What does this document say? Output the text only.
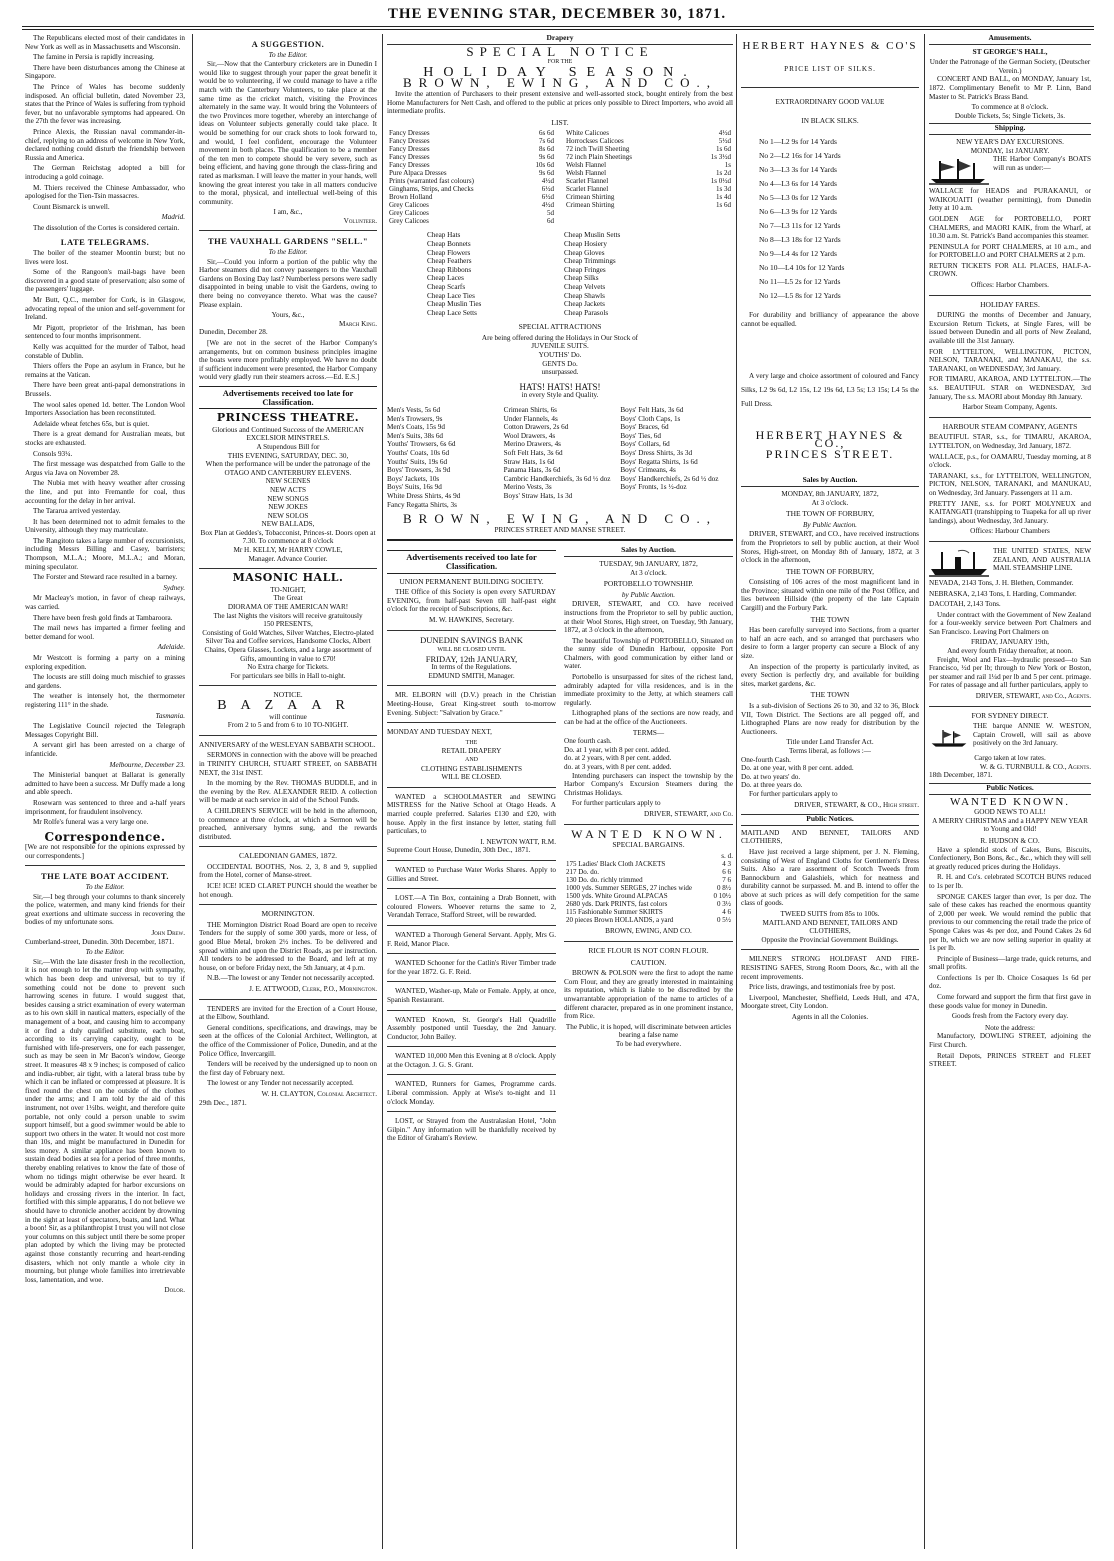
THE EVENING STAR, DECEMBER 30, 1871.

The Republicans elected most of their candidates in New York as well as in Massachusetts and Wisconsin.

The famine in Persia is rapidly increasing.

There have been disturbances among the Chinese at Singapore.

The Prince of Wales has become suddenly indisposed. An official bulletin, dated November 23, states that the Prince of Wales is suffering from typhoid fever, but no unfavorable symptoms had appeared. On the 27th the fever was increasing.

Prince Alexis, the Russian naval commander-in-chief, replying to an address of welcome in New York, declared nothing could disturb the friendship between Russia and America.

The German Reichstag adopted a bill for introducing a gold coinage.

M. Thiers received the Chinese Ambassador, who apologised for the Tien-Tsin massacres.

Count Bismarck is unwell.

Madrid.

The dissolution of the Cortes is considered certain.

LATE TELEGRAMS.

The boiler of the steamer Moontin burst; but no lives were lost.

Some of the Rangoon's mail-bags have been discovered in a good state of preservation; also some of the passengers' luggage.

Mr Butt, Q.C., member for Cork, is in Glasgow, advocating repeal of the union and self-government for Ireland.

Mr Pigott, proprietor of the Irishman, has been sentenced to four months imprisonment.

Kelly was acquitted for the murder of Talbot, head constable of Dublin.

Thiers offers the Pope an asylum in France, but he remains at the Vatican.

There have been great anti-papal demonstrations in Brussels.

The wool sales opened 1d. better. The London Wool Importers Association has been reconstituted.

Adelaide wheat fetches 65s, but is quiet.

There is a great demand for Australian meats, but stocks are exhausted.

Consols 93¼.

The first message was despatched from Galle to the Argus via Java on November 28.

The Nubia met with heavy weather after crossing the line, and put into Fremantle for coal, thus accounting for the delay in her arrival.

The Tararua arrived yesterday.

It has been determined not to admit females to the University, although they may matriculate.

The Rangitoto takes a large number of excursionists, including Messrs Billing and Casey, barristers; Thompson, M.L.A.; Moore, M.L.A.; and Moran, mining speculator.

The Forster and Steward race resulted in a barney.

Sydney.

Mr Macleay's motion, in favor of cheap railways, was carried.

There have been fresh gold finds at Tambaroora.

The mail news has imparted a firmer feeling and better demand for wool.

Adelaide.

Mr Westcott is forming a party on a mining exploring expedition.

The locusts are still doing much mischief to grasses and gardens.

The weather is intensely hot, the thermometer registering 111° in the shade.

Tasmania.

The Legislative Council rejected the Telegraph Messages Copyright Bill.

A servant girl has been arrested on a charge of infanticide.

Melbourne, December 23.

The Ministerial banquet at Ballarat is generally admitted to have been a success. Mr Duffy made a long and able speech.

Rosewarn was sentenced to three and a-half years imprisonment, for fraudulent insolvency.

Mr Rolfe's funeral was a very large one.

Correspondence.

[We are not responsible for the opinions expressed by our correspondents.]

THE LATE BOAT ACCIDENT.
To the Editor.

Sir,—I beg through your columns to thank sincerely the police, watermen, and many kind friends for their great exertions and ultimate success in recovering the bodies of my unfortunate sons.

John Drew.

Cumberland-street, Dunedin. 30th December, 1871.

To the Editor.

Sir,—With the late disaster fresh in the recollection, it is not enough to let the matter drop with sympathy, which has been deep and universal, but to try if something could not be done to prevent such harrowing scenes in future. I would suggest that, besides causing a strict examination of every waterman as to his own skill in nautical matters, especially of the management of a boat, and causing him to accompany it or find a duly qualified substitute, each boat, according to its carrying capacity, ought to be furnished with life-preservers, one for each passenger, such as may be seen in Mr Bacon's window, George street. It measures 48 x 9 inches; is composed of calico and india-rubber, air tight, with a lateral brass tube by which it can be inflated or compressed at pleasure. It is fixed round the chest on the outside of the clothes under the arms; and I am told by the aid of this instrument, not over 1½lbs. weight, and therefore quite portable, not only could a person unable to swim support himself, but a good swimmer would be able to support two others in the water. It would not cost more than 10s, and might be manufactured in Dunedin for less money. A similar appliance has been known to sustain dead bodies at sea for a period of three months, thereby enabling relatives to know the fate of those of whom no tidings might otherwise be ever heard. It would be admirably adapted for harbor excursions on holidays and crossing rivers in the interior. In fact, fortified with this simple apparatus, I do not believe we should have to chronicle another accident by drowning in the sight at least of spectators, boats, and land. What a boon! Sir, as a philanthropist I trust you will not close your columns on this subject until there be some proper plan adopted by which the living may be protected against those constantly recurring and heart-rending disasters, which not only mantle a whole city in mourning, but plunge whole families into irretrievable loss, lamentation, and woe.

Dolor.
A SUGGESTION.
To the Editor.

Sir,—Now that the Canterbury cricketers are in Dunedin I would like to suggest through your paper the great benefit it would be to volunteering, if we could manage to have a rifle match with the Canterbury Volunteers, to take place at the same time as the cricket match, visiting the Provinces alternately in the same way. It would bring the Volunteers of the two Provinces more together, whereby an interchange of ideas on Volunteer subjects generally could take place. It would be something for our crack shots to look forward to, and would, I feel confident, encourage the Volunteer movement in both places. The qualification to be a member of the ten men to compete should be very severe, such as being efficient, and having gone through the class-firing and rated as marksman. I will leave the matter in your hands, well knowing the great interest you take in all matters conducive to the moral, physical, and intellectual well-being of this community.

I am, &c.,
Volunteer.
THE VAUXHALL GARDENS "SELL."
To the Editor.

Sir,—Could you inform a portion of the public why the Harbor steamers did not convey passengers to the Vauxhall Gardens on Boxing Day last? Numberless persons were sadly disappointed in being unable to visit the Gardens, owing to there being no conveyance thereto. What was the cause? Please explain.

Yours, &c.,
March King.

Dunedin, December 28.

[We are not in the secret of the Harbor Company's arrangements, but on common business principles imagine the boats were more profitably employed. We have no doubt if sufficient inducement were presented, the Harbor Company would very gladly run their steamers across.—Ed. E.S.]

Advertisements received too late for Classification.
PRINCESS THEATRE.
Glorious and Continued Success of the AMERICAN EXCELSIOR MINSTRELS.
A Stupendous Bill for
THIS EVENING, SATURDAY, DEC. 30,
When the performance will be under the patronage of the
OTAGO AND CANTERBURY ELEVENS.
NEW SCENES
NEW ACTS
NEW SONGS
NEW JOKES
NEW SOLOS
NEW BALLADS,
Box Plan at Geddes's, Tobacconist, Princes-st. Doors open at 7.30. To commence at 8 o'clock
Mr H. KELLY, Mr HARRY COWLE,
Manager. Advance Courier.
MASONIC HALL.
TO-NIGHT,
The Great
DIORAMA OF THE AMERICAN WAR!
The last Nights the visitors will receive gratuitously
150 PRESENTS,
Consisting of Gold Watches, Silver Watches, Electro-plated Silver Tea and Coffee services, Handsome Clocks, Albert Chains, Opera Glasses, Lockets, and a large assortment of Gifts, amounting in value to £70!
No Extra charge for Tickets.
For particulars see bills in Hall to-night.
NOTICE.
BAZAAR
will continue
From 2 to 5 and from 6 to 10 TO-NIGHT.

ANNIVERSARY of the WESLEYAN SABBATH SCHOOL.

SERMONS in connection with the above will be preached in TRINITY CHURCH, STUART STREET, on SABBATH NEXT, the 31st INST.

In the morning by the Rev. THOMAS BUDDLE, and in the evening by the Rev. ALEXANDER REID. A collection will be made at each service in aid of the School Funds.

A CHILDREN'S SERVICE will be held in the afternoon, to commence at three o'clock, at which a Sermon will be preached, anniversary hymns sung, and the rewards distributed.

CALEDONIAN GAMES, 1872.

OCCIDENTAL BOOTHS, Nos. 2, 3, 8 and 9, supplied from the Hotel, corner of Manse-street.

ICE! ICE! ICED CLARET PUNCH should the weather be hot enough.

MORNINGTON.

THE Mornington District Road Board are open to receive Tenders for the supply of some 300 yards, more or less, of good Blue Metal, broken 2½ inches. To be delivered and spread within and upon the District Roads, as per instruction. All tenders to be addressed to the Board, and left at my house, on or before Friday next, the 5th January, at 4 p.m.

N.B.—The lowest or any Tender not necessarily accepted.

J. E. ATTWOOD, Clerk, P.O., Mornington.

TENDERS are invited for the Erection of a Court House, at the Elbow, Southland.

General conditions, specifications, and drawings, may be seen at the offices of the Colonial Architect, Wellington, at the office of the Commissioner of Police, Dunedin, and at the Police Office, Invercargill.

Tenders will be received by the undersigned up to noon on the first day of February next.

The lowest or any Tender not necessarily accepted.

W. H. CLAYTON, Colonial Architect.

29th Dec., 1871.

Drapery
SPECIAL NOTICE
FOR THE
HOLIDAY SEASON.
BROWN, EWING, AND CO.,

Invite the attention of Purchasers to their present extensive and well-assorted stock, bought entirely from the best Home Manufacturers for Nett Cash, and offered to the public at prices only possible to Direct Importers, who avoid all intermediate profits.

LIST.
Fancy Dresses	6s 6d
Fancy Dresses	7s 6d
Fancy Dresses	8s 6d
Fancy Dresses	9s 6d
Fancy Dresses	10s 6d
Pure Alpaca Dresses	9s 6d
Prints (warranted fast colours)	4½d
Ginghams, Strips, and Checks	6½d
Brown Holland	6½d
Grey Calicoes	4½d
Grey Calicoes	5d
Grey Calicoes	6d
White Calicoes	4½d
Horrockses Calicoes	5½d
72 inch Twill Sheeting	1s 6d
72 inch Plain Sheetings	1s 3½d
Welsh Flannel	1s
Welsh Flannel	1s 2d
Scarlet Flannel	1s 0½d
Scarlet Flannel	1s 3d

Crimean Shirting	1s 4d
Crimean Shirting	1s 6d

Cheap Hats
Cheap Bonnets
Cheap Flowers
Cheap Feathers
Cheap Ribbons
Cheap Laces
Cheap Scarfs
Cheap Lace Ties
Cheap Muslin Ties
Cheap Lace Setts
Cheap Muslin Setts
Cheap Hosiery
Cheap Gloves
Cheap Trimmings
Cheap Fringes
Cheap Silks
Cheap Velvets
Cheap Shawls
Cheap Jackets
Cheap Parasols
SPECIAL ATTRACTIONS
Are being offered during the Holidays in Our Stock of
JUVENILE SUITS.
YOUTHS' Do.
GENTS Do.
unsurpassed.
HATS! HATS! HATS!
in every Style and Quality.
Men's Vests, 5s 6d
Men's Trowsers, 9s
Men's Coats, 15s 9d
Men's Suits, 38s 6d
Youths' Trowsers, 6s 6d
Youths' Coats, 10s 6d
Youths' Suits, 19s 6d
Boys' Trowsers, 3s 9d
Boys' Jackets, 10s
Boys' Suits, 16s 9d
White Dress Shirts, 4s 9d
Fancy Regatta Shirts, 3s
Crimean Shirts, 6s
Under Flannels, 4s
Cotton Drawers, 2s 6d
Wool Drawers, 4s
Merino Drawers, 4s
Soft Felt Hats, 3s 6d
Straw Hats, 1s 6d
Panama Hats, 3s 6d
Cambric Handkerchiefs, 3s 6d ½ doz
Merino Vests, 3s
Boys' Straw Hats, 1s 3d
Boys' Felt Hats, 3s 6d
Boys' Cloth Caps, 1s
Boys' Braces, 6d
Boys' Ties, 6d
Boys' Collars, 6d
Boys' Dress Shirts, 3s 3d
Boys' Regatta Shirts, 1s 6d
Boys' Crimeans, 4s
Boys' Handkerchiefs, 2s 6d ½ doz
Boys' Fronts, 1s ½-doz
BROWN, EWING, AND CO.,
PRINCES STREET AND MANSE STREET.
Advertisements received too late for Classification.
UNION PERMANENT BUILDING SOCIETY.

THE Office of this Society is open every SATURDAY EVENING, from half-past Seven till half-past eight o'clock for the receipt of Subscriptions, &c.

M. W. HAWKINS, Secretary.
DUNEDIN SAVINGS BANK
WILL BE CLOSED UNTIL
FRIDAY, 12th JANUARY,
In terms of the Regulations.
EDMUND SMITH, Manager.

MR. ELBORN will (D.V.) preach in the Christian Meeting-House, Great King-street south to-morrow Evening. Subject: "Salvation by Grace."

MONDAY AND TUESDAY NEXT,

THE
RETAIL DRAPERY
AND
CLOTHING ESTABLISHMENTS
WILL BE CLOSED.

WANTED a SCHOOLMASTER and SEWING MISTRESS for the Native School at Otago Heads. A married couple preferred. Salaries £130 and £20, with house. Apply in the first instance by letter, stating full particulars, to

I. NEWTON WATT, R.M.

Supreme Court House, Dunedin, 30th Dec., 1871.

WANTED to Purchase Water Works Shares. Apply to Gillies and Street.

LOST.—A Tin Box, containing a Drab Bonnett, with coloured Flowers. Whoever returns the same to 2, Verandah Terrace, Stafford Street, will be rewarded.

WANTED a Thorough General Servant. Apply, Mrs G. F. Reid, Manor Place.

WANTED Schooner for the Catlin's River Timber trade for the year 1872. G. F. Reid.

WANTED, Washer-up, Male or Female. Apply, at once, Spanish Restaurant.

WANTED Known, St. George's Hall Quadrille Assembly postponed until Tuesday, the 2nd January. Conductor, John Bailey.

WANTED 10,000 Men this Evening at 8 o'clock. Apply at the Octagon. J. G. S. Grant.

WANTED, Runners for Games, Programme cards. Liberal commission. Apply at Wise's to-night and 11 o'clock Monday.

LOST, or Strayed from the Australasian Hotel, "John Gilpin." Any information will be thankfully received by the Editor of Graham's Review.

Sales by Auction.
TUESDAY, 9th JANUARY, 1872,
At 3 o'clock.
PORTOBELLO TOWNSHIP.
by Public Auction.

DRIVER, STEWART, and CO. have received instructions from the Proprietor to sell by public auction, at their Wool Stores, High street, on Tuesday, 9th January, 1872, at 3 o'clock in the afternoon,

The beautiful Township of PORTOBELLO, Situated on the sunny side of Dunedin Harbour, opposite Port Chalmers, with good communication by either land or water.

Portobello is unsurpassed for sites of the richest land, admirably adapted for villa residences, and is in the immediate proximity to the Jetty, at which steamers call regularly.

Lithographed plans of the sections are now ready, and can be had at the office of the Auctioneers.

TERMS—
One fourth cash.
Do. at 1 year, with 8 per cent. added.
do. at 2 years, with 8 per cent. added.
do. at 3 years, with 8 per cent. added.

Intending purchasers can inspect the township by the Harbor Company's Excursion Steamers during the Christmas Holidays.

For further particulars apply to

DRIVER, STEWART, and Co.
WANTED KNOWN.
SPECIAL BARGAINS.
s. d.
175 Ladies' Black Cloth JACKETS	4 3
217 Do. do.	6 6
130 Do. do. richly trimmed	7 6
1000 yds. Summer SERGES, 27 inches wide	0 8½
1500 yds. White Ground ALPACAS	0 10½
2680 yds. Dark PRINTS, fast colors	0 3½
115 Fashionable Summer SKIRTS	4 6
20 pieces Brown HOLLANDS, a yard	0 5½
BROWN, EWING, AND CO.
RICE FLOUR IS NOT CORN FLOUR.
CAUTION.

BROWN & POLSON were the first to adopt the name Corn Flour, and they are greatly interested in maintaining its reputation, which is liable to be discredited by the unwarrantable appropriation of the name to articles of a different character, prepared as in one prominent instance, from Rice.

The Public, it is hoped, will discriminate between articles bearing a false name
To be had everywhere.
HERBERT HAYNES & CO'S
PRICE LIST OF SILKS.
EXTRAORDINARY GOOD VALUE
IN BLACK SILKS.
No 1—L2 9s for 14 Yards
No 2—L2 16s for 14 Yards
No 3—L3 3s for 14 Yards
No 4—L3 6s for 14 Yards
No 5—L3 0s for 12 Yards
No 6—L3 9s for 12 Yards
No 7—L3 11s for 12 Yards
No 8—L3 18s for 12 Yards
No 9—L4 4s for 12 Yards
No 10—L4 10s for 12 Yards
No 11—L5 2s for 12 Yards
No 12—L5 8s for 12 Yards

For durability and brilliancy of appearance the above cannot be equalled.

A very large and choice assortment of coloured and Fancy Silks, L2 9s 6d, L2 15s, L2 19s 6d, L3 5s; L3 15s; L4 5s the Full Dress.

HERBERT HAYNES & CO.,
PRINCES STREET.
Sales by Auction.
MONDAY, 8th JANUARY, 1872,
At 3 o'clock.
THE TOWN OF FORBURY,
By Public Auction.

DRIVER, STEWART, and CO., have received instructions from the Proprietors to sell by public auction, at their Wool Stores, High-street, on Monday 8th of January, 1872, at 3 o'clock in the afternoon,

THE TOWN OF FORBURY,

Consisting of 106 acres of the most magnificent land in the Province; situated within one mile of the Post Office, and lies between Hillside (the property of the late Captain Cargill) and the Forbury Park.

THE TOWN

Has been carefully surveyed into Sections, from a quarter to half an acre each, and so arranged that purchasers who desire to form a larger property can secure a Block of any size.

An inspection of the property is particularly invited, as every Section is perfectly dry, and available for building sites, market gardens, &c.

THE TOWN

Is a sub-division of Sections 26 to 30, and 32 to 36, Block VII, Town District. The Sections are all pegged off, and Lithographed Plans are now ready for distribution by the Auctioneers.

Title under Land Transfer Act.
Terms liberal, as follows :—
One-fourth Cash.
Do. at one year, with 8 per cent. added.
Do. at two years' do.
Do. at three years do.

For further particulars apply to

DRIVER, STEWART, & CO., High street.
Public Notices.

MAITLAND AND BENNET, TAILORS AND CLOTHIERS,

Have just received a large shipment, per J. N. Fleming, consisting of West of England Cloths for Gentlemen's Dress Suits. Also a rare assortment of Scotch Tweeds from Bannockburn and Galashiels, which for neatness and durability cannot be surpassed. M. and B. intend to offer the above at such prices as will defy competition for the same class of goods.

TWEED SUITS from 85s to 100s.
MAITLAND AND BENNET, TAILORS AND CLOTHIERS,
Opposite the Provincial Government Buildings.

MILNER'S STRONG HOLDFAST AND FIRE-RESISTING SAFES, Strong Room Doors, &c., with all the recent improvements.

Price lists, drawings, and testimonials free by post.

Liverpool, Manchester, Sheffield, Leeds Hull, and 47A, Moorgate street, City London.

Agents in all the Colonies.
Amusements.
ST GEORGE'S HALL,
Under the Patronage of the German Society, (Deutscher Verein.)

CONCERT AND BALL, on MONDAY, January 1st, 1872. Complimentary Benefit to Mr P. Linn, Band Master to St. Patrick's Brass Band.

To commence at 8 o'clock.
Double Tickets, 5s; Single Tickets, 3s.
Shipping.
NEW YEAR'S DAY EXCURSIONS.
MONDAY, 1st JANUARY.

THE Harbor Company's BOATS will run as under:—

WALLACE for HEADS and PURAKANUI, or WAIKOUAITI (weather permitting), from Dunedin Jetty at 10 a.m.

GOLDEN AGE for PORTOBELLO, PORT CHALMERS, and MAORI KAIK, from the Wharf, at 10.30 a.m. St. Patrick's Band accompanies this steamer.

PENINSULA for PORT CHALMERS, at 10 a.m., and for PORTOBELLO and PORT CHALMERS at 2 p.m.

RETURN TICKETS FOR ALL PLACES, HALF-A-CROWN.

Offices: Harbor Chambers.
HOLIDAY FARES.

DURING the months of December and January, Excursion Return Tickets, at Single Fares, will be issued between Dunedin and all ports of New Zealand, available till the 31st January.

FOR LYTTELTON, WELLINGTON, PICTON, NELSON, TARANAKI, and MANAKAU, the s.s. TARANAKI, on WEDNESDAY, 3rd January.

FOR TIMARU, AKAROA, AND LYTTELTON.—The s.s. BEAUTIFUL STAR on WEDNESDAY, 3rd January, The s.s. MAORI about Monday 8th January.

Harbor Steam Company, Agents.
HARBOUR STEAM COMPANY, AGENTS

BEAUTIFUL STAR, s.s., for TIMARU, AKAROA, LYTTELTON, on Wednesday, 3rd January, 1872.

WALLACE, p.s., for OAMARU, Tuesday morning, at 8 o'clock.

TARANAKI, s.s., for LYTTELTON, WELLINGTON, PICTON, NELSON, TARANAKI, and MANUKAU, on Wednesday, 3rd January. Passengers at 11 a.m.

PRETTY JANE, s.s. for PORT MOLYNEUX and KAITANGATI (transhipping to Tuapeka for all up river landings), about Wednesday, 3rd January.

Offices: Harbour Chambers

THE UNITED STATES, NEW ZEALAND, AND AUSTRALIA MAIL STEAMSHIP LINE.

NEVADA, 2143 Tons, J. H. Blethen, Commander.

NEBRASKA, 2,143 Tons, I. Harding, Commander.

DACOTAH, 2,143 Tons.

Under contract with the Government of New Zealand for a four-weekly service between Port Chalmers and San Francisco. Leaving Port Chalmers on

FRIDAY, JANUARY 19th,
And every fourth Friday thereafter, at noon.

Freight, Wool and Flax—hydraulic pressed—to San Francisco, ½d per lb; through to New York or Boston, per steamer and rail 1¼d per lb and 5 per cent. primage. For rates of passage and all further particulars, apply to

DRIVER, STEWART, and Co., Agents.
FOR SYDNEY DIRECT.

THE barque ANNIE W. WESTON, Captain Crowell, will sail as above positively on the 3rd January.

Cargo taken at low rates.
W. & G. TURNBULL & CO., Agents.

18th December, 1871.

Public Notices.
WANTED KNOWN.
GOOD NEWS TO ALL!
A MERRY CHRISTMAS and a HAPPY NEW YEAR to Young and Old!
R. HUDSON & CO.

Have a splendid stock of Cakes, Buns, Biscuits, Confectionery, Bon Bons, &c., &c., which they will sell at greatly reduced prices during the Holidays.

R. H. and Co's. celebrated SCOTCH BUNS reduced to 1s per lb.

SPONGE CAKES larger than ever, 1s per doz. The sale of these cakes has reached the enormous quantity of 2,000 per week. We would remind the public that previous to our commencing the retail trade the price of Sponge Cakes was 4s per doz, and Pound Cakes 2s 6d per lb, which we are now selling superior in quality at 1s per lb.

Principle of Business—large trade, quick returns, and small profits.

Confections 1s per lb. Choice Cosaques 1s 6d per doz.

Come forward and support the firm that first gave in these goods value for money in Dunedin.

Goods fresh from the Factory every day.
Note the address:

Manufactory, DOWLING STREET, adjoining the First Church.

Retail Depots, PRINCES STREET and FLEET STREET.
